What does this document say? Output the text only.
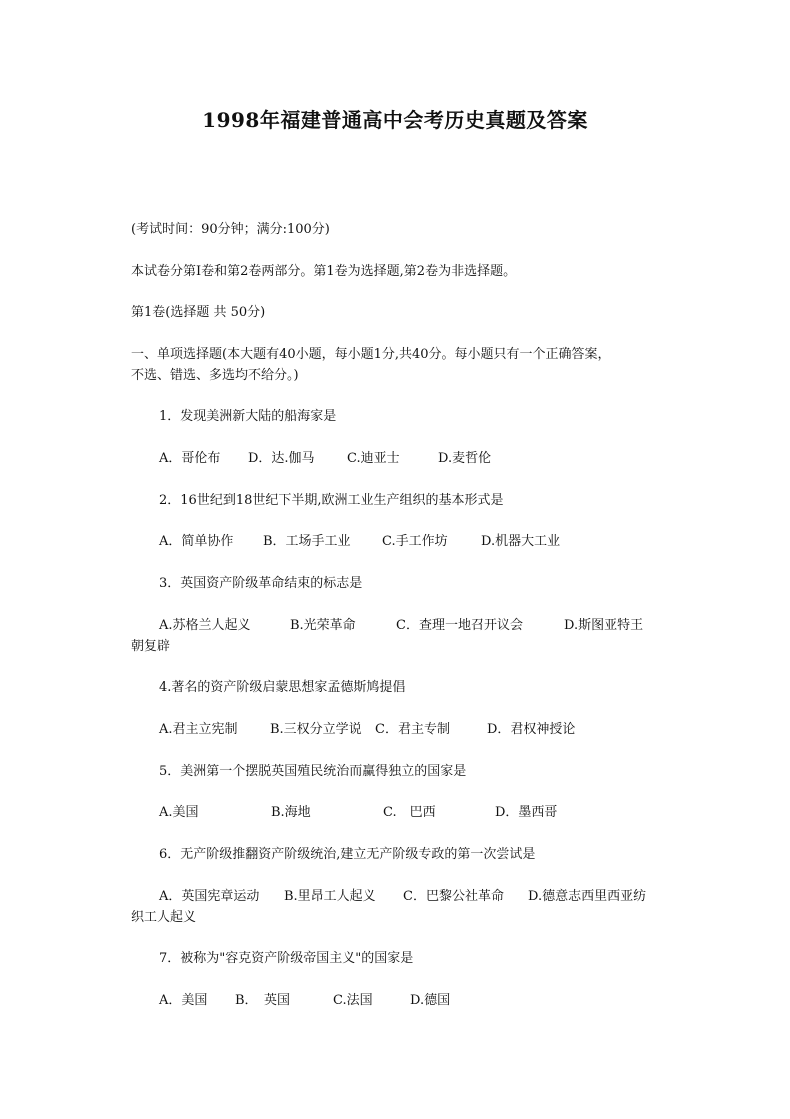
1998年福建普通高中会考历史真题及答案
(考试时间：90分钟；满分:100分)
本试卷分第Ⅰ卷和第2卷两部分。第1卷为选择题,第2卷为非选择题。
第1卷(选择题 共 50分)
一、单项选择题(本大题有40小题，每小题1分,共40分。每小题只有一个正确答案，
不选、错选、多选均不给分。)
1．发现美洲新大陆的船海家是
A．哥伦布 D．达.伽马 C.迪亚士	D.麦哲伦
2．16世纪到18世纪下半期,欧洲工业生产组织的基本形式是
A．简单协作 B．工场手工业 C.手工作坊	D.机器大工业
3．英国资产阶级革命结束的标志是
A.苏格兰人起义	B.光荣革命	C．查理一地召开议会	D.斯图亚特王
朝复辟
4.著名的资产阶级启蒙思想家孟德斯鸠提倡
A.君主立宪制 B.三权分立学说 C．君主专制	D．君权神授论
5．美洲第一个摆脱英国殖民统治而赢得独立的国家是
A.美国	B.海地	C.　巴西	D．墨西哥
6．无产阶级推翻资产阶级统治,建立无产阶级专政的第一次尝试是
A．英国宪章运动 B.里昂工人起义 C．巴黎公社革命 D.德意志西里西亚纺
织工人起义
7．被称为"容克资产阶级帝国主义"的国家是
A．美国 B．　英国	C.法国	D.德国
